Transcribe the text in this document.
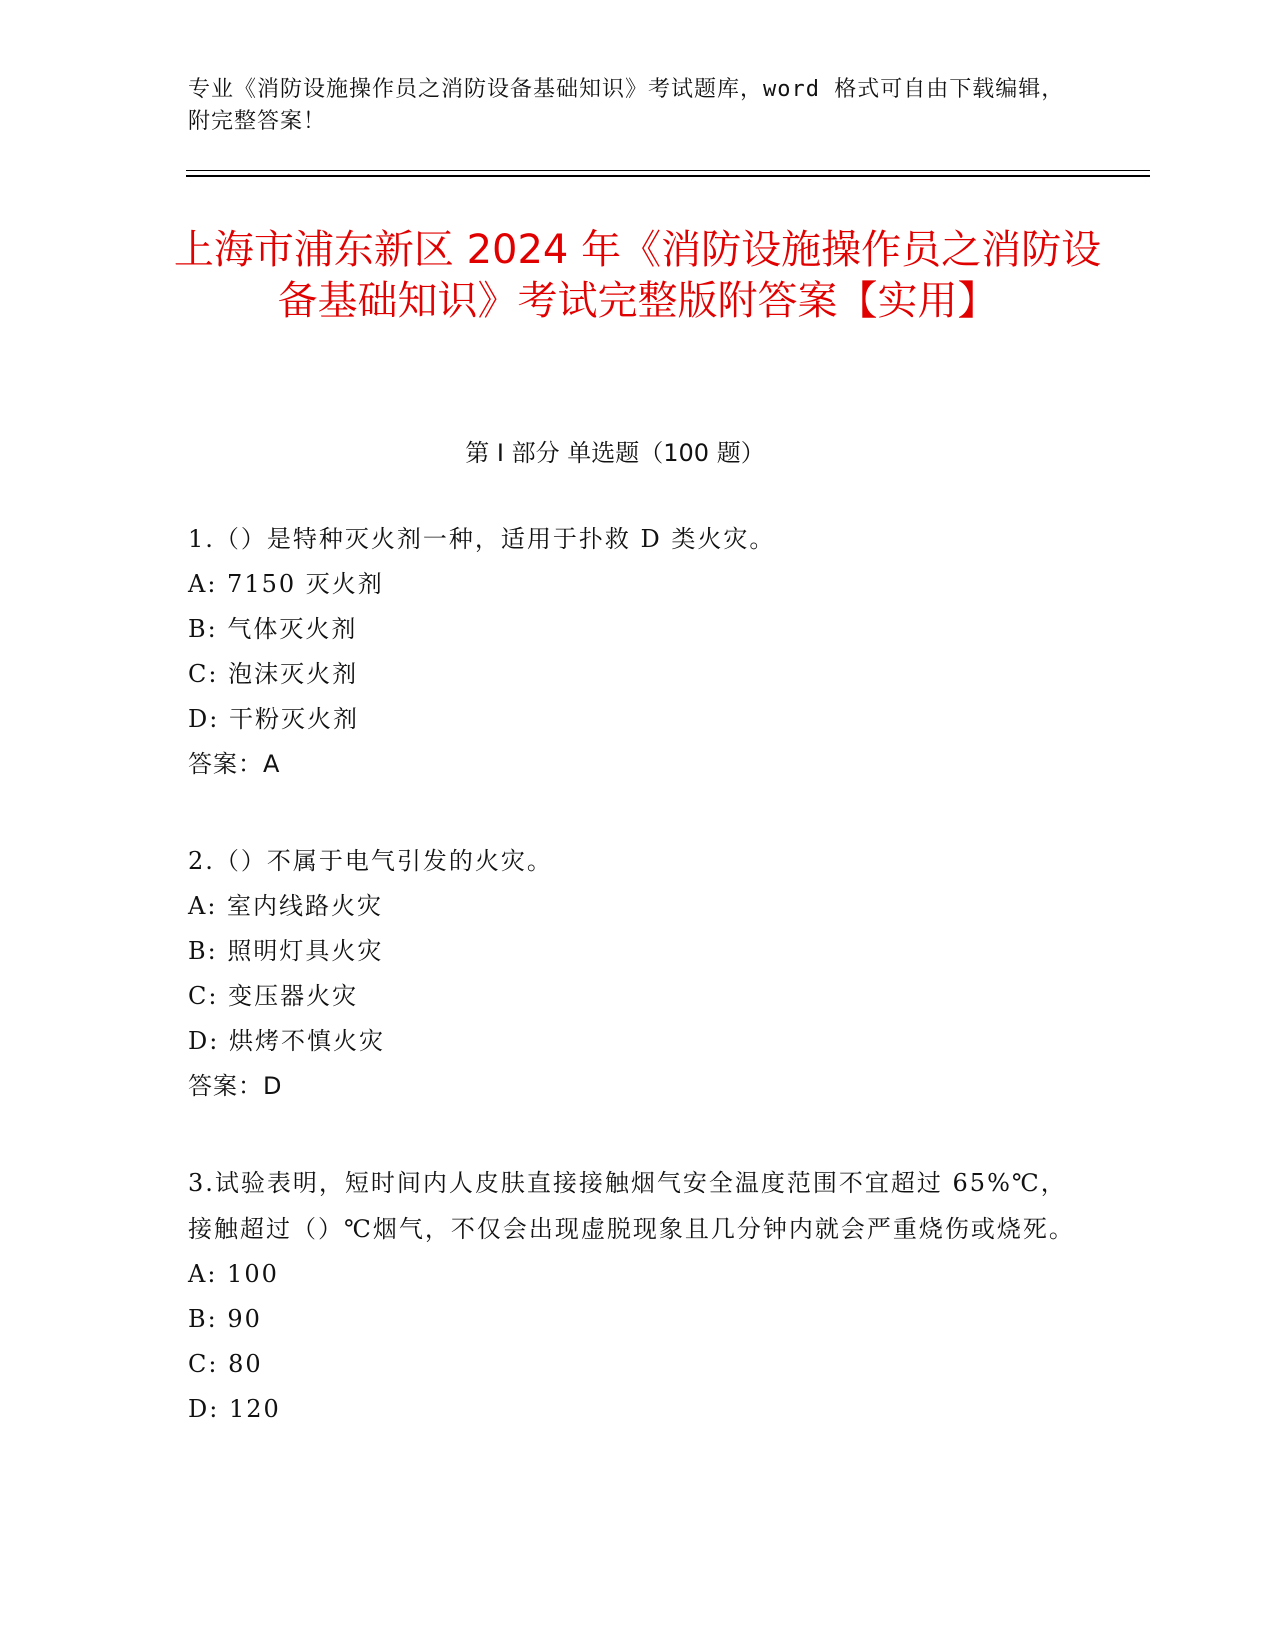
专业《消防设施操作员之消防设备基础知识》考试题库，word 格式可自由下载编辑，附完整答案！
上海市浦东新区 2024 年《消防设施操作员之消防设备基础知识》考试完整版附答案【实用】
第 I 部分 单选题（100 题）

1.（）是特种灭火剂一种，适用于扑救 D 类火灾。

A: 7150 灭火剂

B: 气体灭火剂

C: 泡沫灭火剂

D: 干粉灭火剂

答案：A

2.（）不属于电气引发的火灾。

A: 室内线路火灾

B: 照明灯具火灾

C: 变压器火灾

D: 烘烤不慎火灾

答案：D

3.试验表明，短时间内人皮肤直接接触烟气安全温度范围不宜超过 65%℃，接触超过（）℃烟气，不仅会出现虚脱现象且几分钟内就会严重烧伤或烧死。

A: 100

B: 90

C: 80

D: 120
